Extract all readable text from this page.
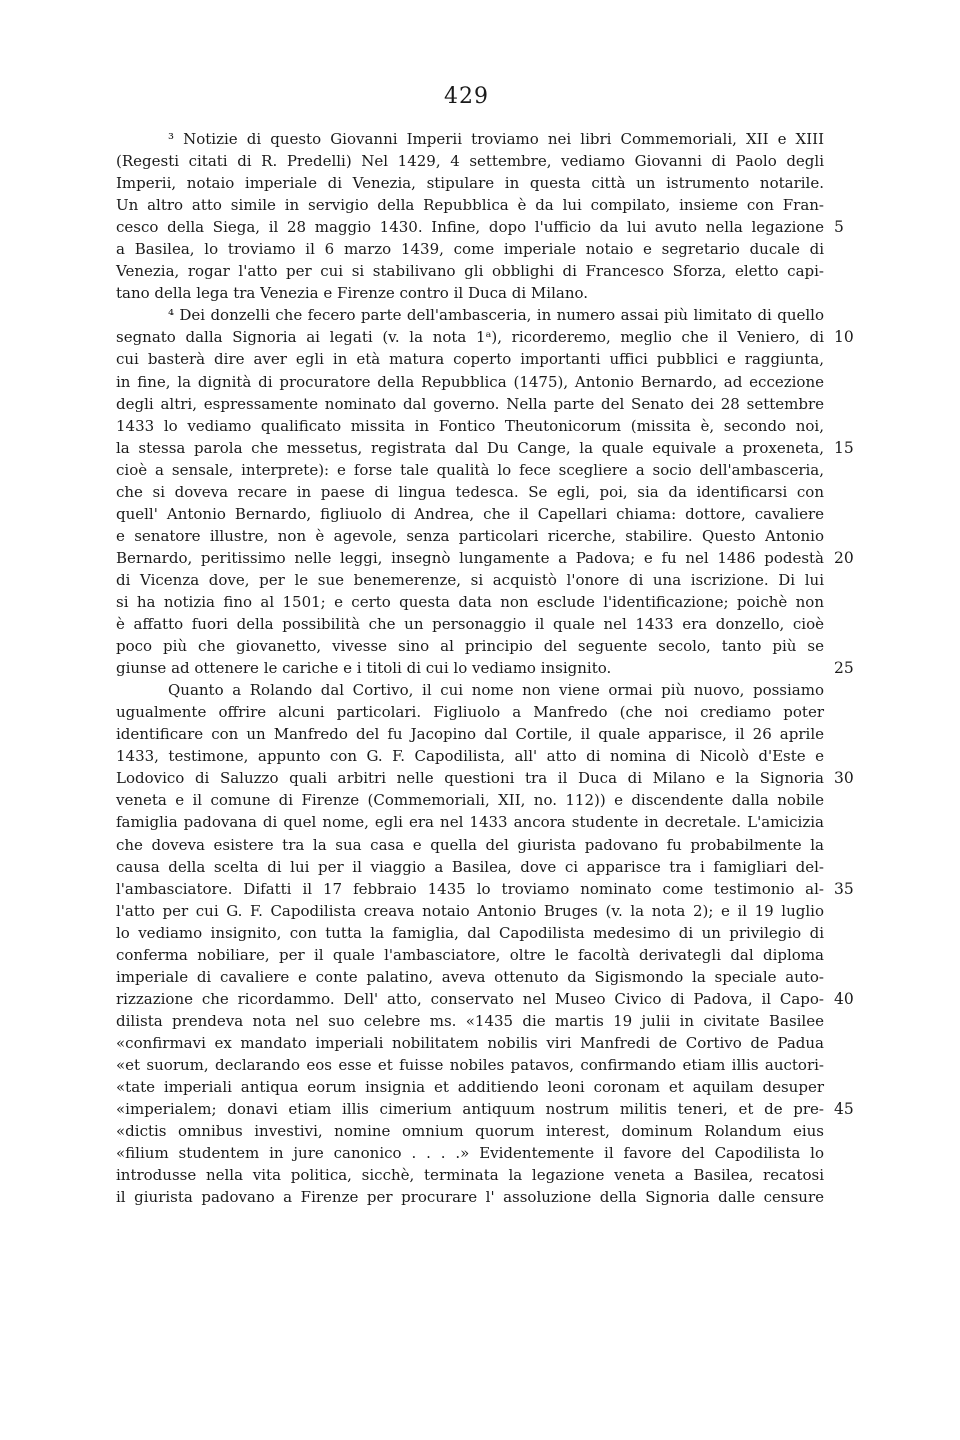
429
³ Notizie di questo Giovanni Imperii troviamo nei libri Commemoriali, XII e XIII
(Regesti citati di R. Predelli) Nel 1429, 4 settembre, vediamo Giovanni di Paolo degli
Imperii, notaio imperiale di Venezia, stipulare in questa città un istrumento notarile.
Un altro atto simile in servigio della Repubblica è da lui compilato, insieme con Fran-
cesco della Siega, il 28 maggio 1430. Infine, dopo l'ufficio da lui avuto nella legazione
a Basilea, lo troviamo il 6 marzo 1439, come imperiale notaio e segretario ducale di
Venezia, rogar l'atto per cui si stabilivano gli obblighi di Francesco Sforza, eletto capi-
tano della lega tra Venezia e Firenze contro il Duca di Milano.
⁴ Dei donzelli che fecero parte dell'ambasceria, in numero assai più limitato di quello
segnato dalla Signoria ai legati (v. la nota 1ᵃ), ricorderemo, meglio che il Veniero, di
cui basterà dire aver egli in età matura coperto importanti uffici pubblici e raggiunta,
in fine, la dignità di procuratore della Repubblica (1475), Antonio Bernardo, ad eccezione
degli altri, espressamente nominato dal governo. Nella parte del Senato dei 28 settembre
1433 lo vediamo qualificato missita in Fontico Theutonicorum (missita è, secondo noi,
la stessa parola che messetus, registrata dal Du Cange, la quale equivale a proxeneta,
cioè a sensale, interprete): e forse tale qualità lo fece scegliere a socio dell'ambasceria,
che si doveva recare in paese di lingua tedesca. Se egli, poi, sia da identificarsi con
quell' Antonio Bernardo, figliuolo di Andrea, che il Capellari chiama: dottore, cavaliere
e senatore illustre, non è agevole, senza particolari ricerche, stabilire. Questo Antonio
Bernardo, peritissimo nelle leggi, insegnò lungamente a Padova; e fu nel 1486 podestà
di Vicenza dove, per le sue benemerenze, si acquistò l'onore di una iscrizione. Di lui
si ha notizia fino al 1501; e certo questa data non esclude l'identificazione; poichè non
è affatto fuori della possibilità che un personaggio il quale nel 1433 era donzello, cioè
poco più che giovanetto, vivesse sino al principio del seguente secolo, tanto più se
giunse ad ottenere le cariche e i titoli di cui lo vediamo insignito.
Quanto a Rolando dal Cortivo, il cui nome non viene ormai più nuovo, possiamo
ugualmente offrire alcuni particolari. Figliuolo a Manfredo (che noi crediamo poter
identificare con un Manfredo del fu Jacopino dal Cortile, il quale apparisce, il 26 aprile
1433, testimone, appunto con G. F. Capodilista, all' atto di nomina di Nicolò d'Este e
Lodovico di Saluzzo quali arbitri nelle questioni tra il Duca di Milano e la Signoria
veneta e il comune di Firenze (Commemoriali, XII, no. 112)) e discendente dalla nobile
famiglia padovana di quel nome, egli era nel 1433 ancora studente in decretale. L'amicizia
che doveva esistere tra la sua casa e quella del giurista padovano fu probabilmente la
causa della scelta di lui per il viaggio a Basilea, dove ci apparisce tra i famigliari del-
l'ambasciatore. Difatti il 17 febbraio 1435 lo troviamo nominato come testimonio al-
l'atto per cui G. F. Capodilista creava notaio Antonio Bruges (v. la nota 2); e il 19 luglio
lo vediamo insignito, con tutta la famiglia, dal Capodilista medesimo di un privilegio di
conferma nobiliare, per il quale l'ambasciatore, oltre le facoltà derivategli dal diploma
imperiale di cavaliere e conte palatino, aveva ottenuto da Sigismondo la speciale auto-
rizzazione che ricordammo. Dell' atto, conservato nel Museo Civico di Padova, il Capo-
dilista prendeva nota nel suo celebre ms. «1435 die martis 19 julii in civitate Basilee
«confirmavi ex mandato imperiali nobilitatem nobilis viri Manfredi de Cortivo de Padua
«et suorum, declarando eos esse et fuisse nobiles patavos, confirmando etiam illis auctori-
«tate imperiali antiqua eorum insignia et additiendo leoni coronam et aquilam desuper
«imperialem; donavi etiam illis cimerium antiquum nostrum militis teneri, et de pre-
«dictis omnibus investivi, nomine omnium quorum interest, dominum Rolandum eius
«filium studentem in jure canonico . . . .» Evidentemente il favore del Capodilista lo
introdusse nella vita politica, sicchè, terminata la legazione veneta a Basilea, recatosi
il giurista padovano a Firenze per procurare l' assoluzione della Signoria dalle censure
5
10
15
20
25
30
35
40
45
